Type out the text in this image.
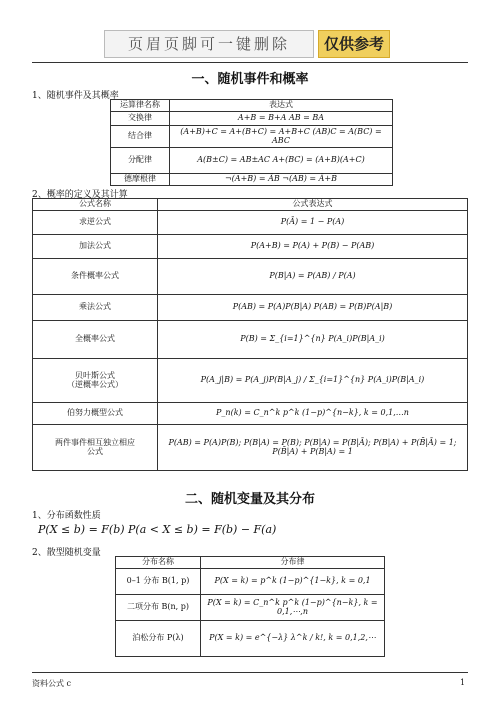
页眉页脚可一键删除	仅供参考
一、随机事件和概率
1、随机事件及其概率
运算律名称	表达式
交换律	A+B = B+A AB = BA
结合律	(A+B)+C = A+(B+C) = A+B+C (AB)C = A(BC) = ABC
分配律	A(B±C) = AB±AC A+(BC) = (A+B)(A+C)
德摩根律	¬(A+B) = ĀB̄ ¬(AB) = Ā+B̄
2、概率的定义及其计算
公式名称	公式表达式
求逆公式	P(Ā) = 1 − P(A)
加法公式	P(A+B) = P(A) + P(B) − P(AB)
条件概率公式	P(B|A) = P(AB) / P(A)
乘法公式	P(AB) = P(A)P(B|A) P(AB) = P(B)P(A|B)
全概率公式	P(B) = Σ_{i=1}^{n} P(A_i)P(B|A_i)
贝叶斯公式
（逆概率公式）	P(A_j|B) = P(A_j)P(B|A_j) / Σ_{i=1}^{n} P(A_i)P(B|A_i)
伯努力概型公式	P_n(k) = C_n^k p^k (1−p)^{n−k}, k = 0,1,…n
两件事件相互独立相应
公式	P(AB) = P(A)P(B); P(B|A) = P(B); P(B|A) = P(B|Ā); P(B|A) + P(B̄|Ā) = 1; P(B̄|A) + P(B|A) = 1
二、随机变量及其分布
1、分布函数性质
P(X ≤ b) = F(b) P(a < X ≤ b) = F(b) − F(a)
2、散型随机变量
分布名称	分布律
0–1 分布 B(1, p)	P(X = k) = p^k (1−p)^{1−k}, k = 0,1
二项分布 B(n, p)	P(X = k) = C_n^k p^k (1−p)^{n−k}, k = 0,1,⋯,n
泊松分布 P(λ)	P(X = k) = e^{−λ} λ^k / k!, k = 0,1,2,⋯
资料公式 c	1
